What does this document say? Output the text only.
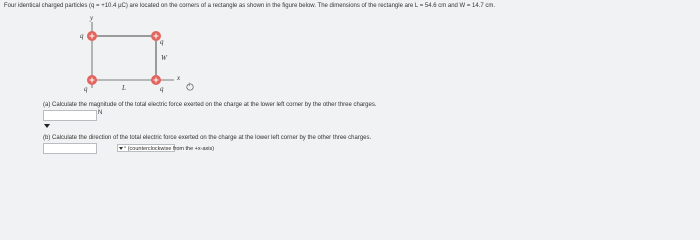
Four identical charged particles (q = +10.4 μC) are located on the corners of a rectangle as shown in the figure below. The dimensions of the rectangle are L = 54.6 cm and W = 14.7 cm.
y
x
W
L
q
q
q	q	i
(a) Calculate the magnitude of the total electric force exerted on the charge at the lower left corner by the other three charges.
N
(b) Calculate the direction of the total electric force exerted on the charge at the lower left corner by the other three charges.
° (counterclockwise from the +x-axis)
